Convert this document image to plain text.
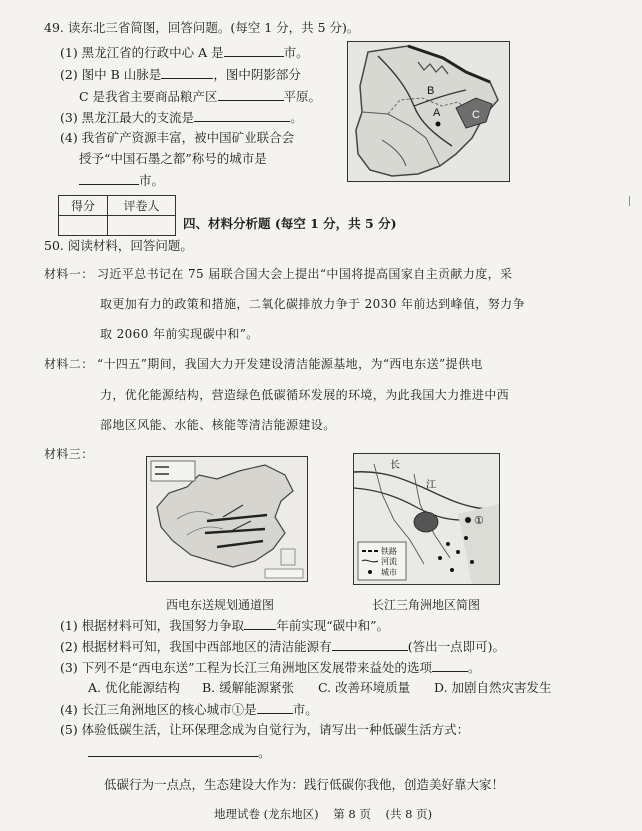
49. 读东北三省简图，回答问题。(每空 1 分，共 5 分)。
(1) 黑龙江省的行政中心 A 是	市。
(2) 图中 B 山脉是	，图中阴影部分
C 是我省主要商品粮产区	平原。
(3) 黑龙江最大的支流是	。
(4) 我省矿产资源丰富，被中国矿业联合会
授予“中国石墨之都”称号的城市是
市。
B
A	C
得分	评卷人

四、材料分析题 (每空 1 分，共 5 分)
50. 阅读材料，回答问题。
材料一： 习近平总书记在 75 届联合国大会上提出“中国将提高国家自主贡献力度，采
取更加有力的政策和措施，二氧化碳排放力争于 2030 年前达到峰值，努力争
取 2060 年前实现碳中和”。
材料二： “十四五”期间，我国大力开发建设清洁能源基地，为“西电东送”提供电
力，优化能源结构，营造绿色低碳循环发展的环境，为此我国大力推进中西
部地区风能、水能、核能等清洁能源建设。
材料三：
①
长
江
铁路
河流
城市
西电东送规划通道图	长江三角洲地区简图
(1) 根据材料可知，我国努力争取	年前实现“碳中和”。
(2) 根据材料可知，我国中西部地区的清洁能源有	(答出一点即可)。
(3) 下列不是“西电东送”工程为长江三角洲地区发展带来益处的选项	。
A. 优化能源结构 B. 缓解能源紧张 C. 改善环境质量 D. 加剧自然灾害发生
(4) 长江三角洲地区的核心城市①是	市。
(5) 体验低碳生活，让环保理念成为自觉行为，请写出一种低碳生活方式：
。
低碳行为一点点，生态建设大作为：践行低碳你我他，创造美好靠大家！
地理试卷 (龙东地区)    第 8 页    (共 8 页)
